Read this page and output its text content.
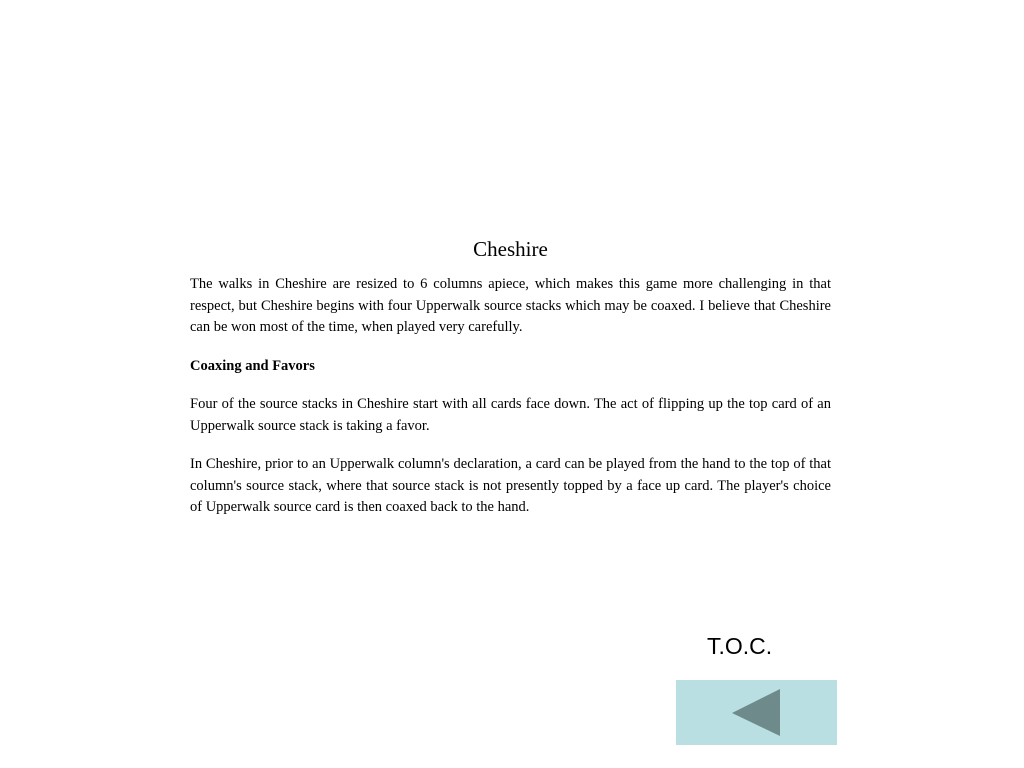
Cheshire

The walks in Cheshire are resized to 6 columns apiece, which makes this game more challenging in that respect, but Cheshire begins with four Upperwalk source stacks which may be coaxed. I believe that Cheshire can be won most of the time, when played very carefully.

Coaxing and Favors

Four of the source stacks in Cheshire start with all cards face down. The act of flipping up the top card of an Upperwalk source stack is taking a favor.

In Cheshire, prior to an Upperwalk column's declaration, a card can be played from the hand to the top of that column's source stack, where that source stack is not presently topped by a face up card. The player's choice of Upperwalk source card is then coaxed back to the hand.

T.O.C.
